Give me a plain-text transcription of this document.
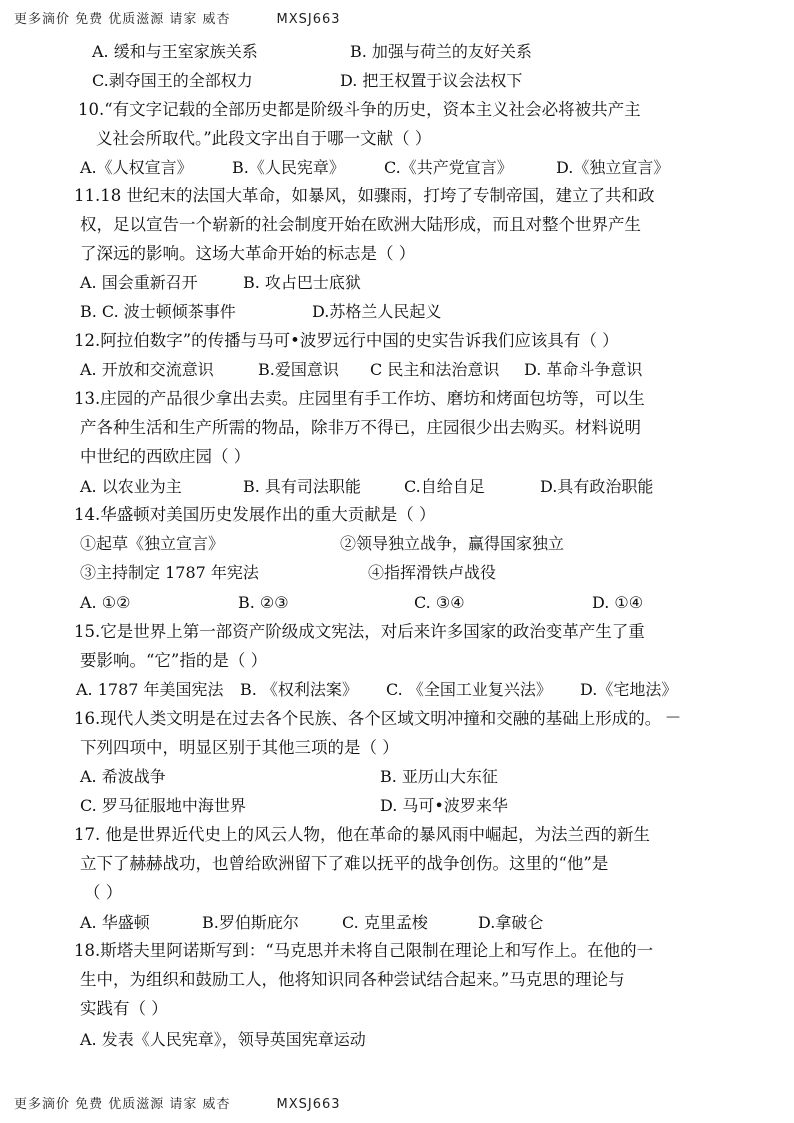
更多滴价 免费 优质滋源 请家 威杏	MXSJ663
A. 缓和与王室家族关系	B. 加强与荷兰的友好关系
C.剥夺国王的全部权力	D. 把王权置于议会法权下
10.“有文字记载的全部历史都是阶级斗争的历史，资本主义社会必将被共产主
义社会所取代。”此段文字出自于哪一文献（ ）
A.《人权宣言》 B.《人民宪章》 C.《共产党宣言》	D.《独立宣言》
11.18 世纪末的法国大革命，如暴风，如骤雨，打垮了专制帝国，建立了共和政
权，足以宣告一个崭新的社会制度开始在欧洲大陆形成，而且对整个世界产生
了深远的影响。这场大革命开始的标志是（ ）
A. 国会重新召开	B. 攻占巴士底狱
B. C. 波士顿倾茶事件	D.苏格兰人民起义
12.阿拉伯数字”的传播与马可•波罗远行中国的史实告诉我们应该具有（ ）
A. 开放和交流意识	B.爱国意识 C 民主和法治意识 D. 革命斗争意识
13.庄园的产品很少拿出去卖。庄园里有手工作坊、磨坊和烤面包坊等，可以生
产各种生活和生产所需的物品，除非万不得已，庄园很少出去购买。材料说明
中世纪的西欧庄园（ ）
A. 以农业为主	B. 具有司法职能	C.自给自足	D.具有政治职能
14.华盛顿对美国历史发展作出的重大贡献是（ ）
①起草《独立宣言》	②领导独立战争，赢得国家独立
③主持制定 1787 年宪法	④指挥滑铁卢战役
A. ①②	B. ②③	C. ③④	D. ①④
15.它是世界上第一部资产阶级成文宪法，对后来许多国家的政治变革产生了重
要影响。“它”指的是（ ）
A. 1787 年美国宪法 B. 《权利法案》 C. 《全国工业复兴法》 D.《宅地法》
16.现代人类文明是在过去各个民族、各个区域文明冲撞和交融的基础上形成的。 —
下列四项中，明显区别于其他三项的是（ ）
A. 希波战争	B. 亚历山大东征
C. 罗马征服地中海世界	D. 马可•波罗来华
17. 他是世界近代史上的风云人物，他在革命的暴风雨中崛起，为法兰西的新生
立下了赫赫战功，也曾给欧洲留下了难以抚平的战争创伤。这里的“他”是
（ ）
A. 华盛顿	B.罗伯斯庇尔	C. 克里孟梭	D.拿破仑
18.斯塔夫里阿诺斯写到：“马克思并未将自己限制在理论上和写作上。在他的一
生中，为组织和鼓励工人，他将知识同各种尝试结合起来。”马克思的理论与
实践有（ ）
A. 发表《人民宪章》，领导英国宪章运动
更多滴价 免费 优质滋源 请家 威杏	MXSJ663
